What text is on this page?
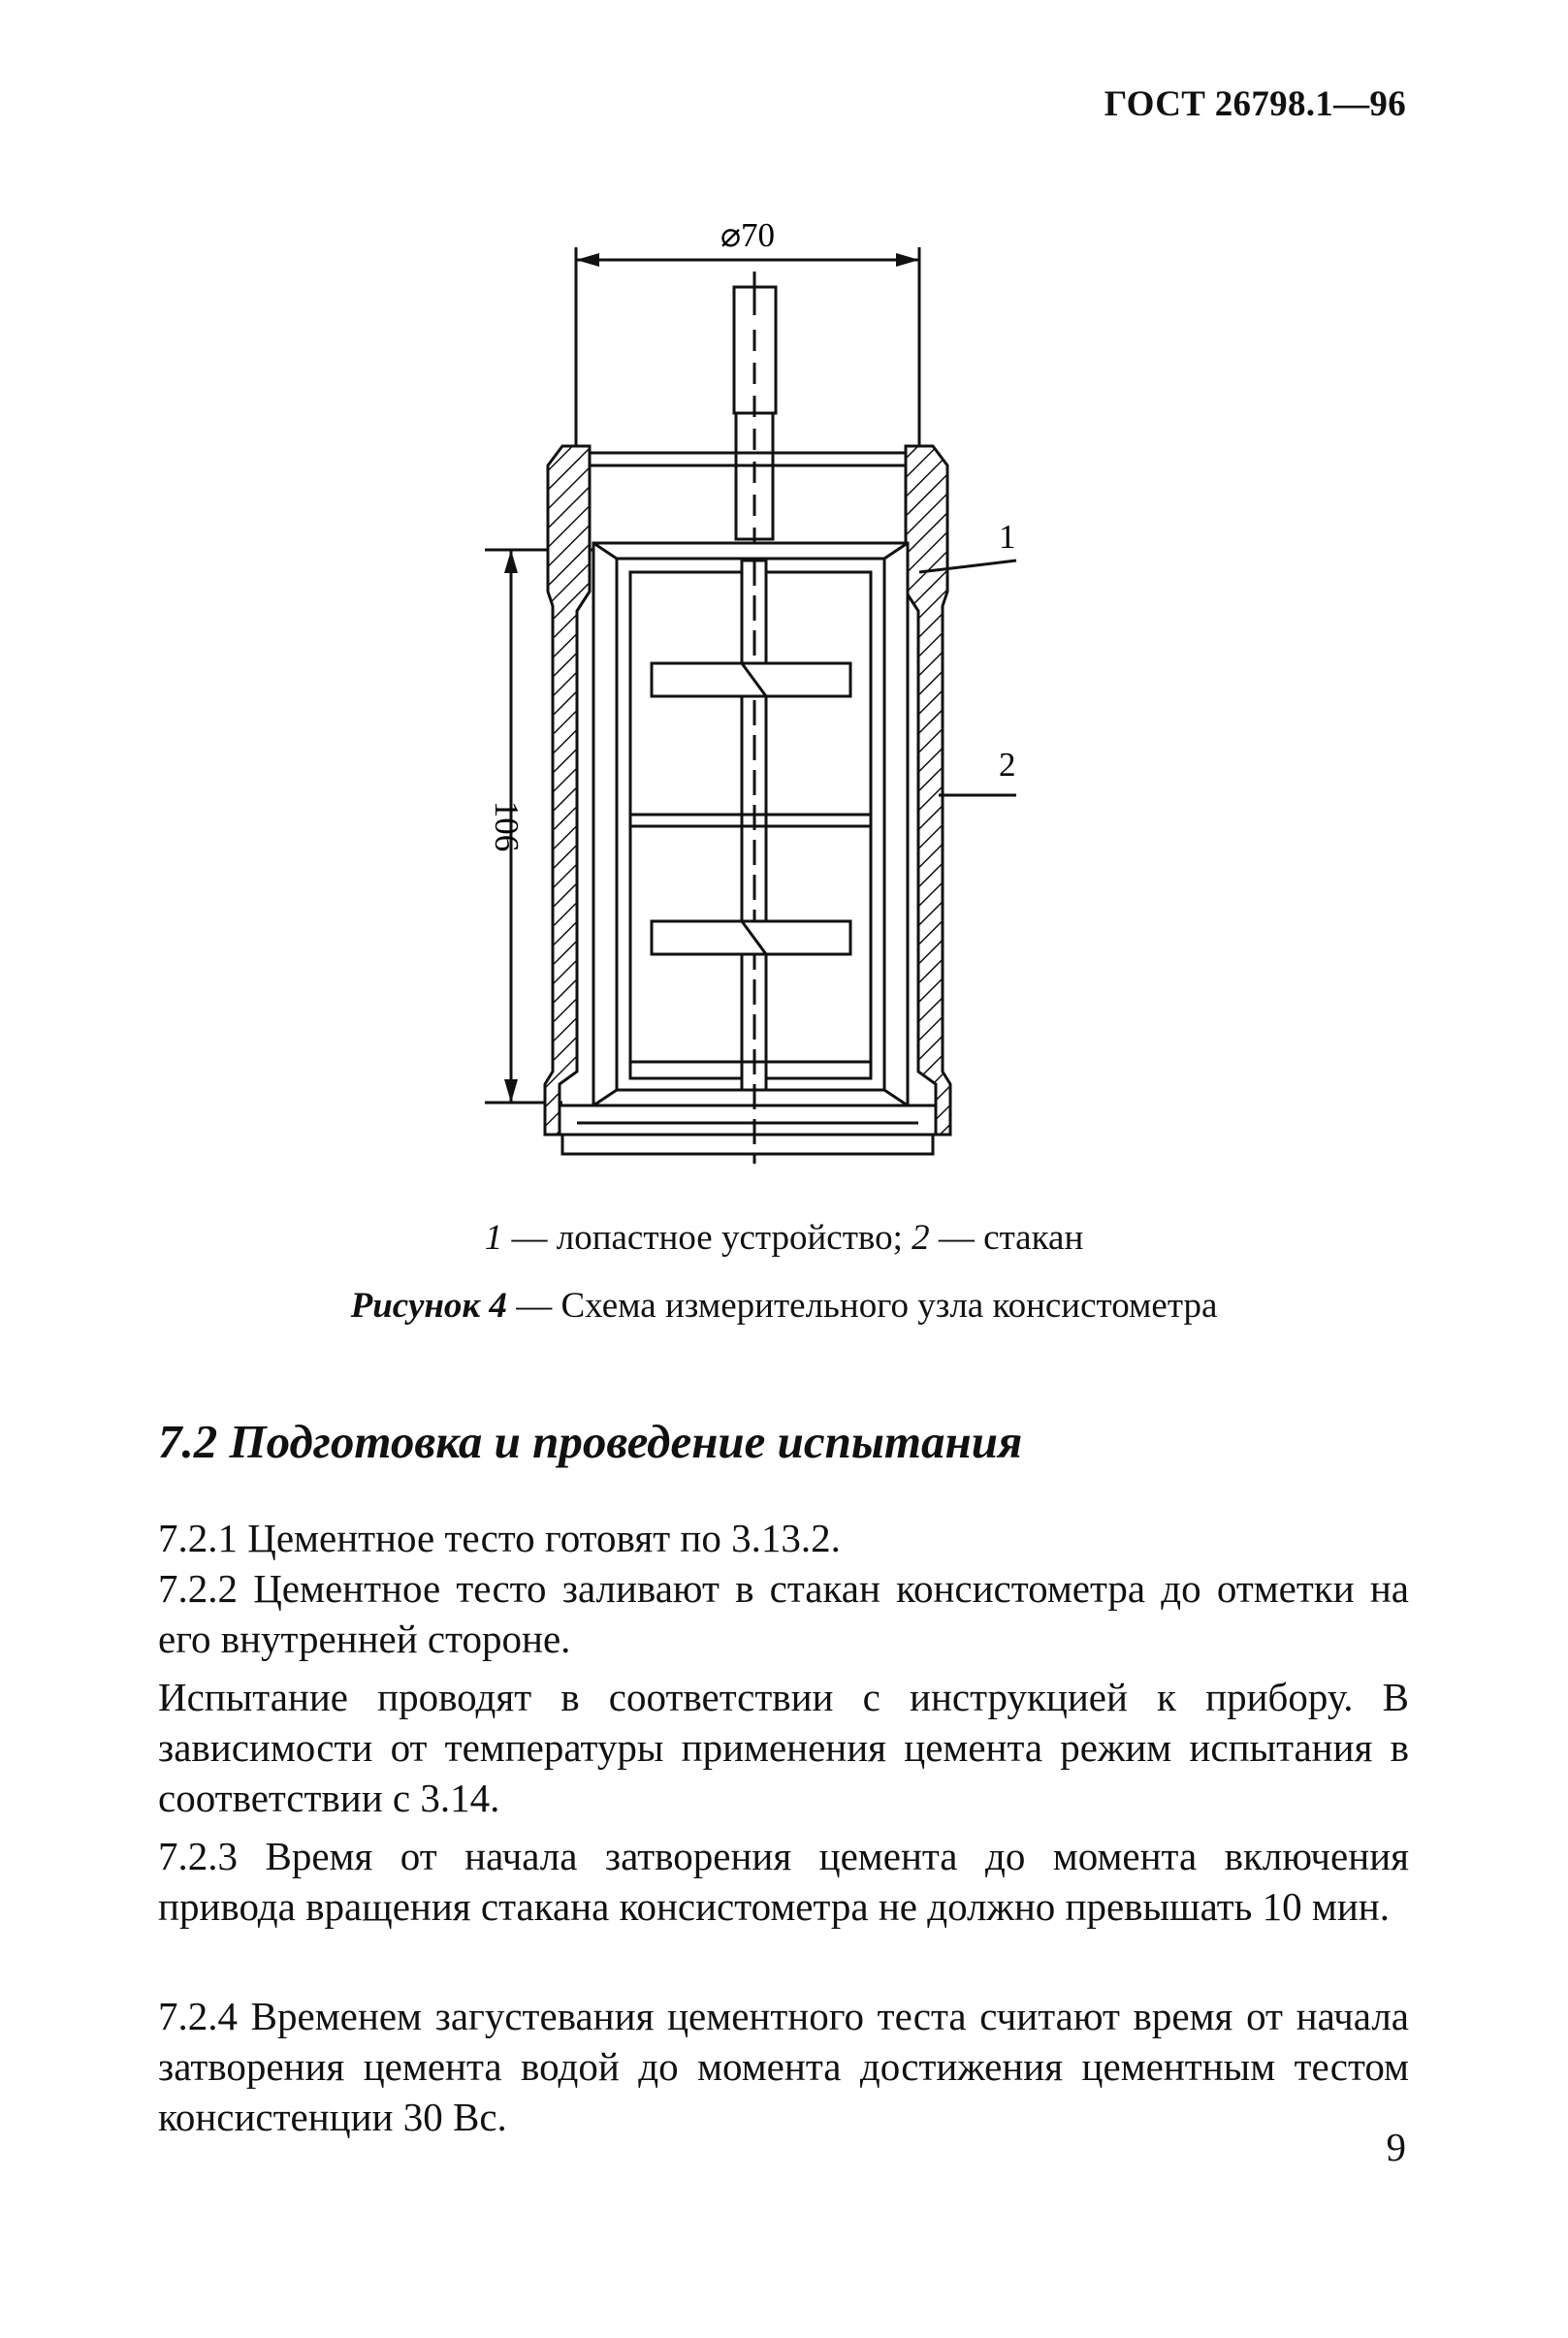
ГОСТ 26798.1—96
⌀70
106
1
2
1 — лопастное устройство; 2 — стакан
Рисунок 4 — Схема измерительного узла консистометра
7.2 Подготовка и проведение испытания

7.2.1 Цементное тесто готовят по 3.13.2.

7.2.2 Цементное тесто заливают в стакан консистометра до отметки на его внутренней стороне.

Испытание проводят в соответствии с инструкцией к прибору. В зависимости от температуры применения цемента режим испытания в соответствии с 3.14.

7.2.3 Время от начала затворения цемента до момента включения привода вращения стакана консистометра не должно превышать 10 мин.

7.2.4 Временем загустевания цементного теста считают время от начала затворения цемента водой до момента достижения цементным тестом консистенции 30 Вс.

9
